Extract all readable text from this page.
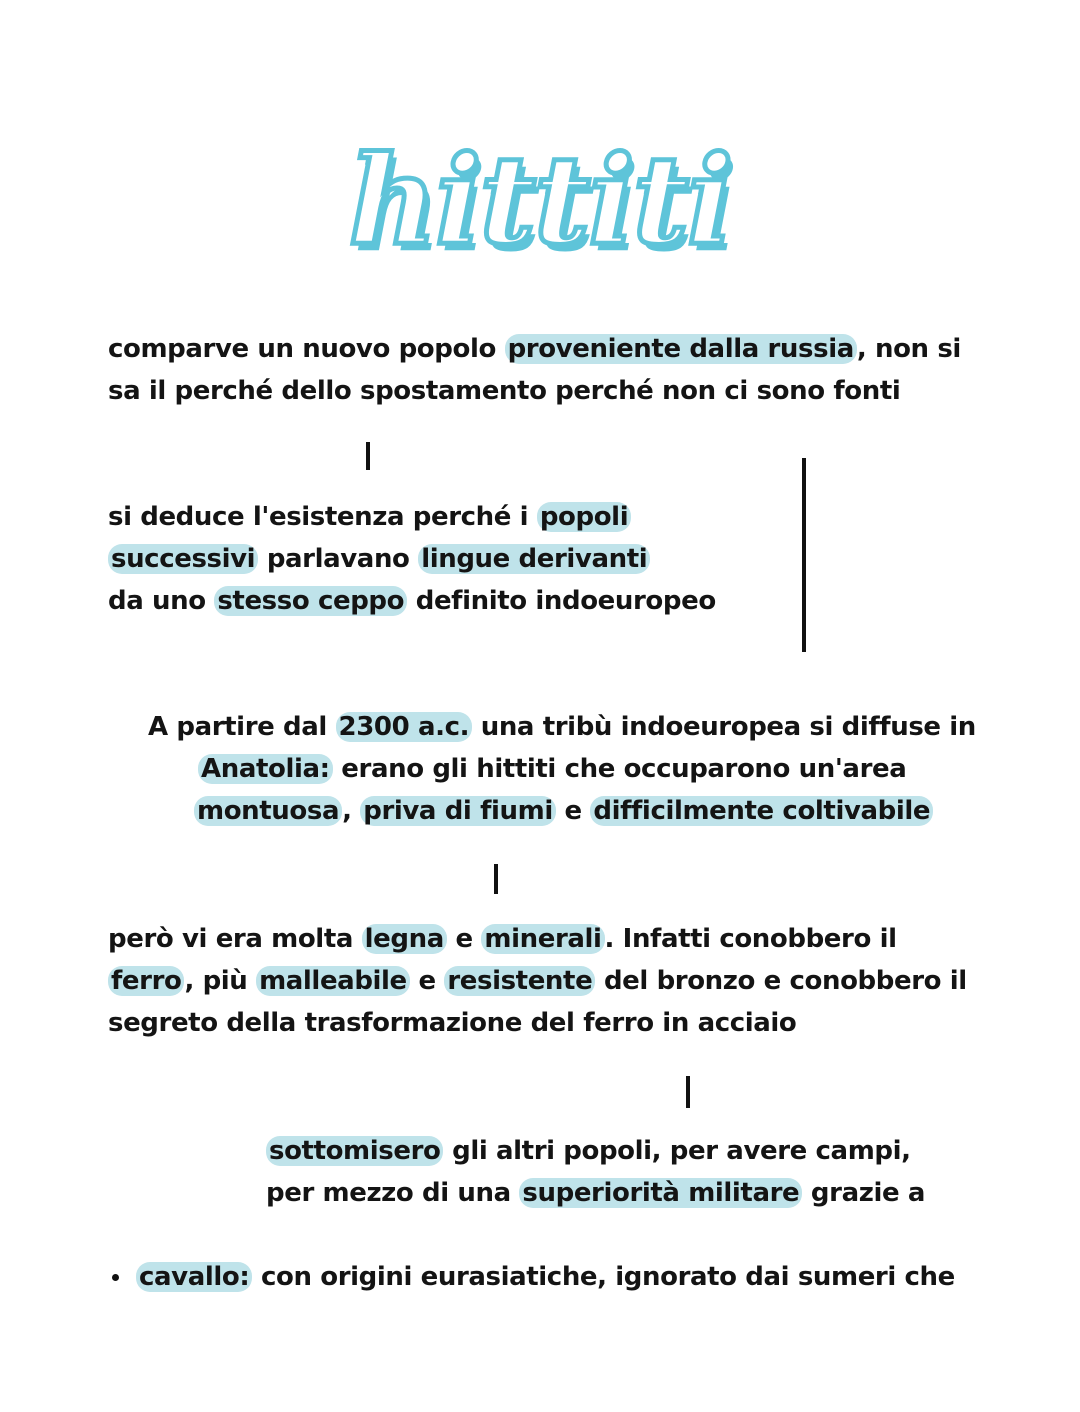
hittiti
comparve un nuovo popolo proveniente dalla russia , non si
sa il perché dello spostamento perché non ci sono fonti
si deduce l'esistenza perché i popoli
successivi parlavano lingue derivanti
da uno stesso ceppo definito indoeuropeo
A partire dal 2300 a.c. una tribù indoeuropea si diffuse in
Anatolia: erano gli hittiti che occuparono un'area
montuosa , priva di fiumi e difficilmente coltivabile
però vi era molta legna e minerali . Infatti conobbero il
ferro , più malleabile e resistente del bronzo e conobbero il
segreto della trasformazione del ferro in acciaio
sottomisero gli altri popoli, per avere campi,
per mezzo di una superiorità militare grazie a
cavallo: con origini eurasiatiche, ignorato dai sumeri che
